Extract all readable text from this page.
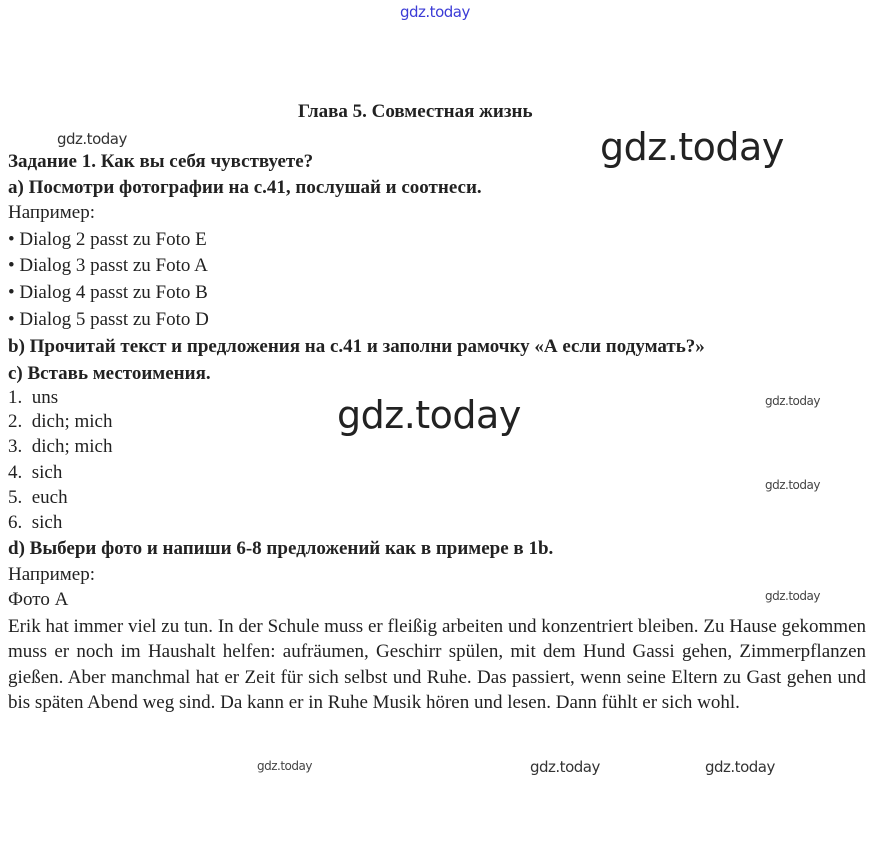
gdz.today
Глава 5. Совместная жизнь
gdz.today
Задание 1. Как вы себя чувствуете?	gdz.today
а) Посмотри фотографии на с.41, послушай и соотнеси.
Например:
• Dialog 2 passt zu Foto E
• Dialog 3 passt zu Foto A
• Dialog 4 passt zu Foto B
• Dialog 5 passt zu Foto D
b) Прочитай текст и предложения на с.41 и заполни рамочку «А если подумать?»
с) Вставь местоимения.
1. uns
2. dich; mich
3. dich; mich
4. sich
5. euch
6. sich
gdz.today	gdz.today
gdz.today
gdz.today
d) Выбери фото и напиши 6-8 предложений как в примере в 1b.
Например:
Фото А
Erik hat immer viel zu tun. In der Schule muss er fleißig arbeiten und konzentriert bleiben. Zu Hause gekommen muss er noch im Haushalt helfen: aufräumen, Geschirr spülen, mit dem Hund Gassi gehen, Zimmerpflanzen gießen. Aber manchmal hat er Zeit für sich selbst und Ruhe. Das passiert, wenn seine Eltern zu Gast gehen und bis späten Abend weg sind. Da kann er in Ruhe Musik hören und lesen. Dann fühlt er sich wohl.
gdz.today	gdz.today	gdz.today
